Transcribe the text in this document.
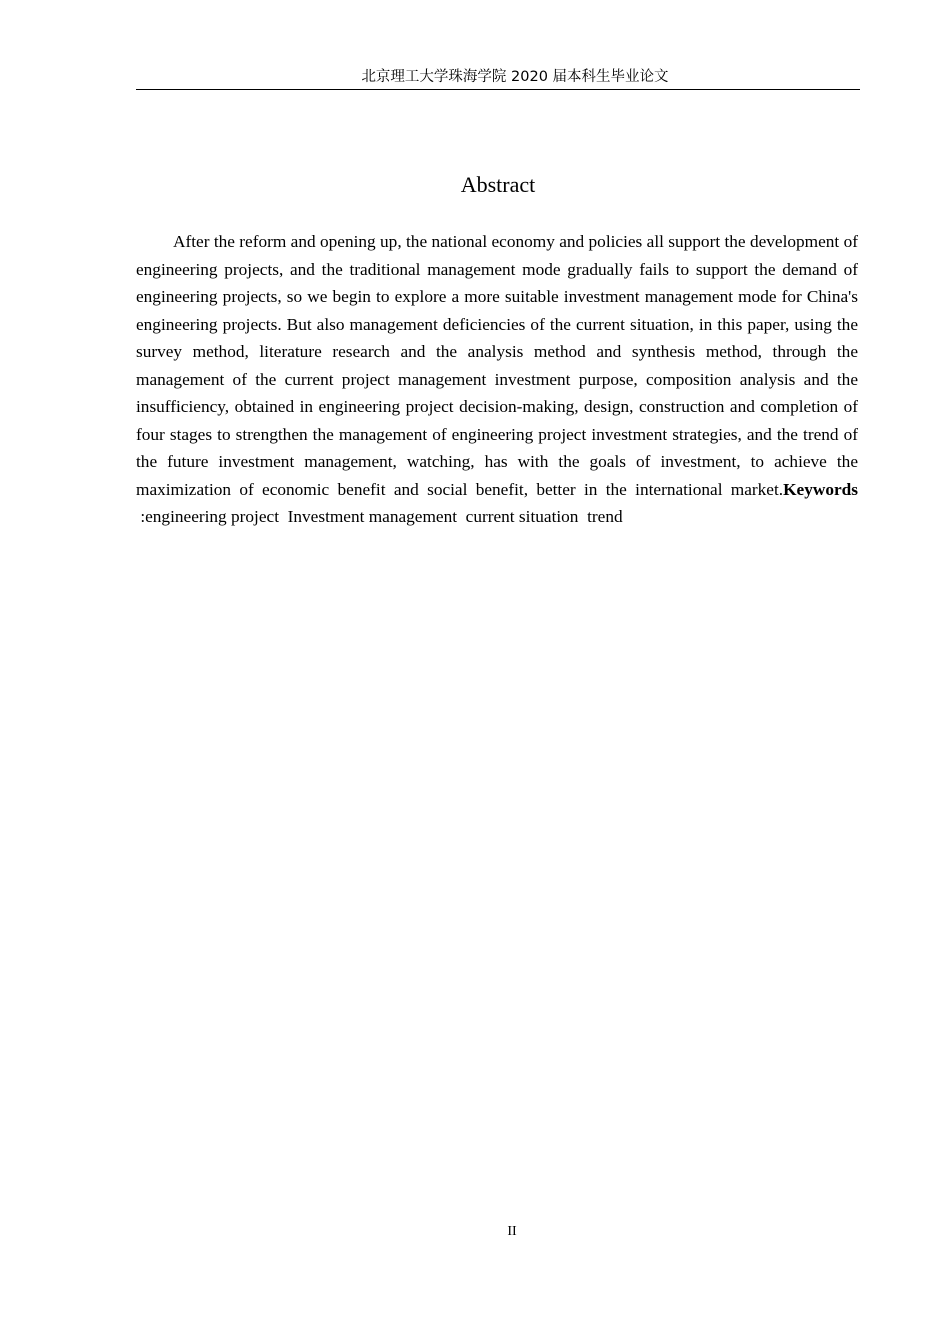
北京理工大学珠海学院 2020 届本科生毕业论文
Abstract

After the reform and opening up, the national economy and policies all support the development of engineering projects, and the traditional management mode gradually fails to support the demand of engineering projects, so we begin to explore a more suitable investment management mode for China's engineering projects. But also management deficiencies of the current situation, in this paper, using the survey method, literature research and the analysis method and synthesis method, through the management of the current project management investment purpose, composition analysis and the insufficiency, obtained in engineering project decision-making, design, construction and completion of four stages to strengthen the management of engineering project investment strategies, and the trend of the future investment management, watching, has with the goals of investment, to achieve the maximization of economic benefit and social benefit, better in the international market.Keywords :engineering project  Investment management  current situation  trend

II
